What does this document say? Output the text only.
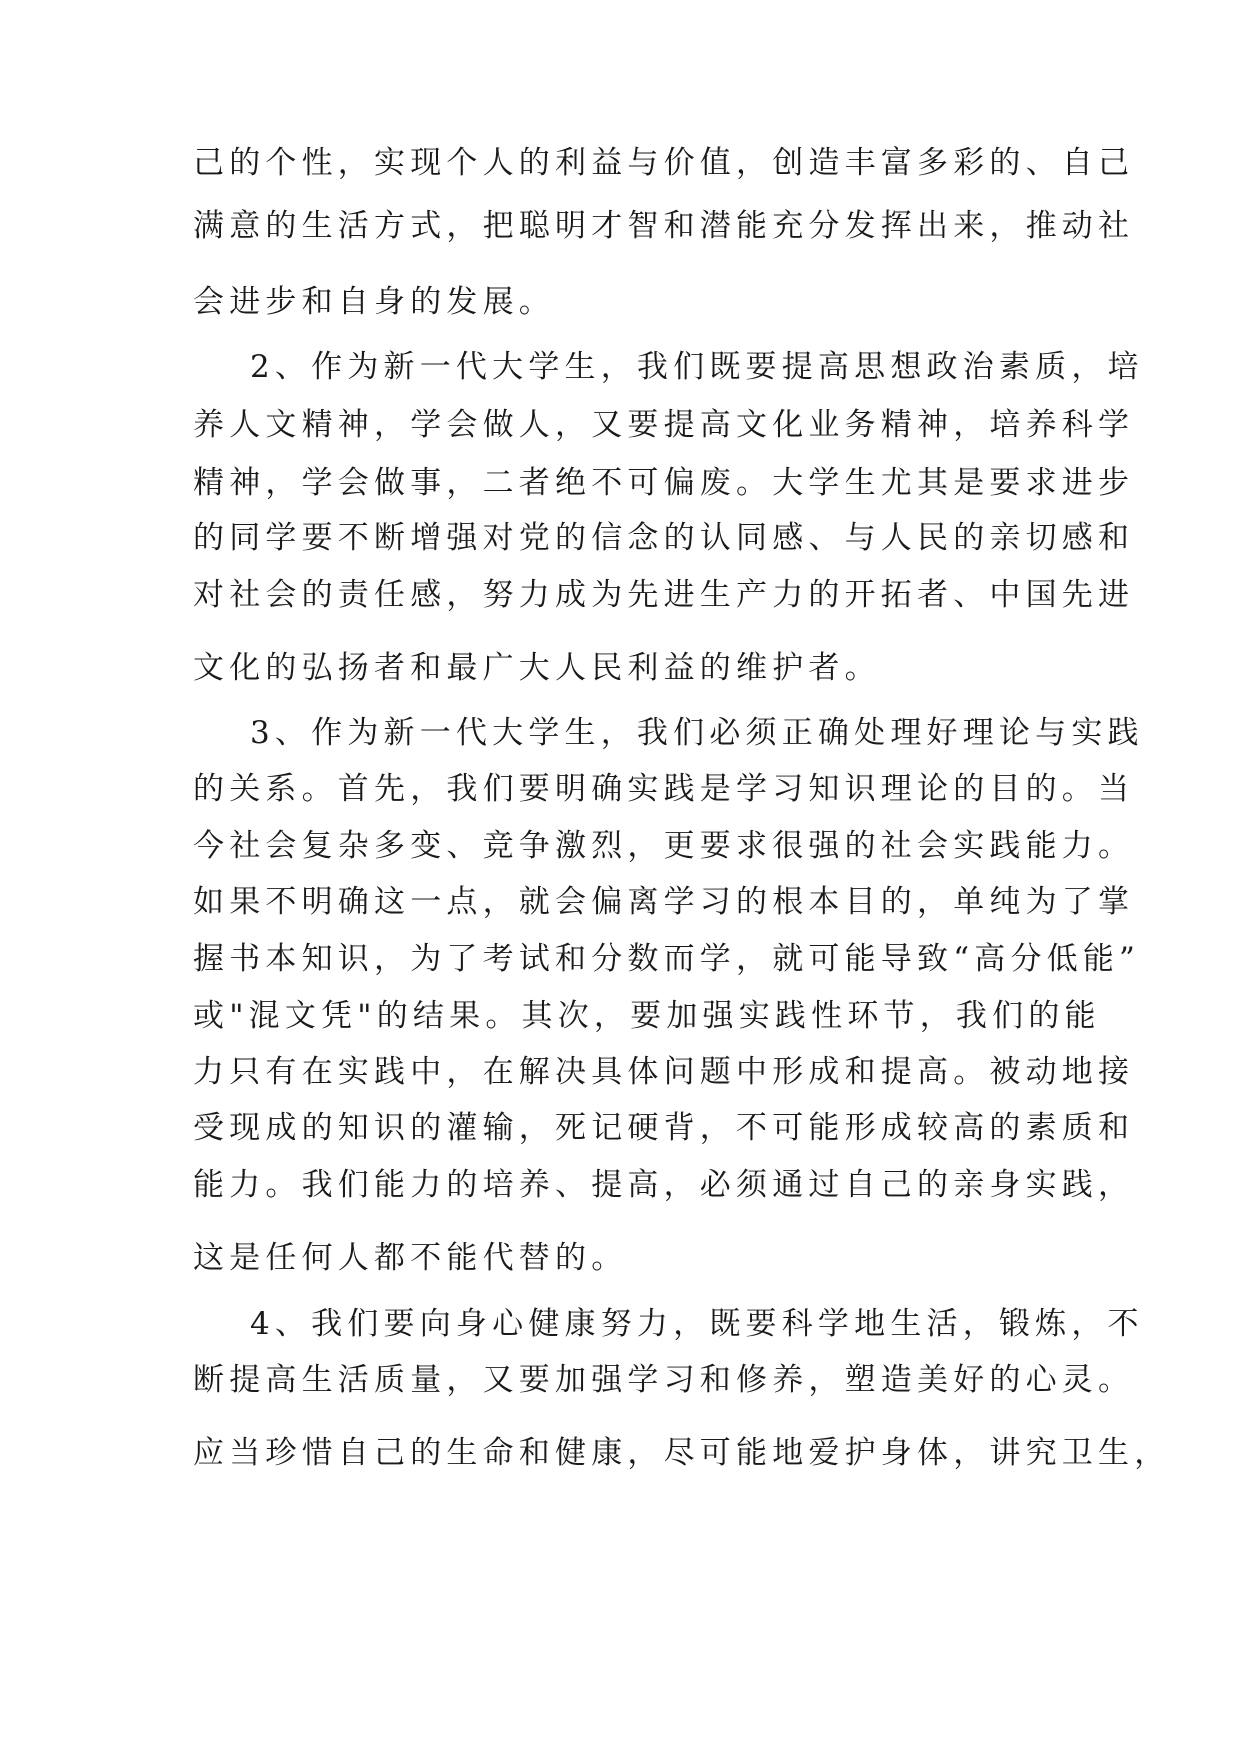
己的个性，实现个人的利益与价值，创造丰富多彩的、自己
满意的生活方式，把聪明才智和潜能充分发挥出来，推动社
会进步和自身的发展。
2、作为新一代大学生，我们既要提高思想政治素质，培
养人文精神，学会做人，又要提高文化业务精神，培养科学
精神，学会做事，二者绝不可偏废。大学生尤其是要求进步
的同学要不断增强对党的信念的认同感、与人民的亲切感和
对社会的责任感，努力成为先进生产力的开拓者、中国先进
文化的弘扬者和最广大人民利益的维护者。
3、作为新一代大学生，我们必须正确处理好理论与实践
的关系。首先，我们要明确实践是学习知识理论的目的。当
今社会复杂多变、竞争激烈，更要求很强的社会实践能力。
如果不明确这一点，就会偏离学习的根本目的，单纯为了掌
握书本知识，为了考试和分数而学，就可能导致“高分低能”
或"混文凭"的结果。其次，要加强实践性环节，我们的能
力只有在实践中，在解决具体问题中形成和提高。被动地接
受现成的知识的灌输，死记硬背，不可能形成较高的素质和
能力。我们能力的培养、提高，必须通过自己的亲身实践，
这是任何人都不能代替的。
4、我们要向身心健康努力，既要科学地生活，锻炼，不
断提高生活质量，又要加强学习和修养，塑造美好的心灵。
应当珍惜自己的生命和健康，尽可能地爱护身体，讲究卫生，
